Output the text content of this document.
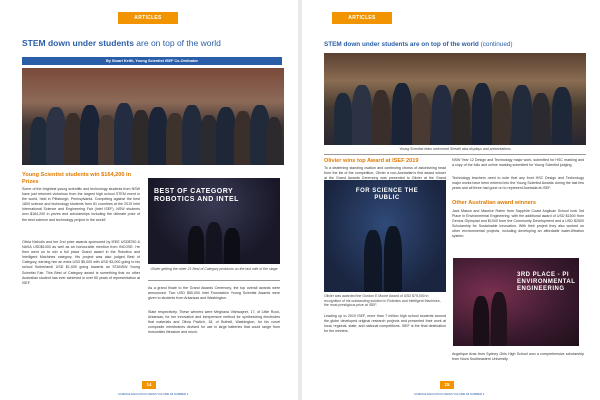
ARTICLES
STEM down under students are on top of the world
By Stuart Keith, Young Scientist ISEF Co-Ordinator
Young Scientist students win $164,200 in Prizes
Some of the brightest young scientific and technology students from NSW have just returned victorious from the largest high school STEM event in the world, held in Pittsburgh, Pennsylvania. Competing against the best 1800 science and technology students from 81 countries at the 2019 Intel International Science and Engineering Fair (Intel ISEF), NSW students won $164,200 in prizes and scholarships including the ultimate prize of the best science and technology project in the world!
Olivia Nicholls and her 2nd prize awards sponsored by IEEE USD$750 & NASA USD$1000 as well as an honourable mention from INCOSE. He then went on to win a full place Grand award in the Robotics and Intelligent Machines category. His project was also judged Best of Category, earning him an extra USD $5,000 with USD $3,000 going to his school Sutherland! USD $1,000 going towards an STANSW Young Scientist Fair. This Best of Category award is something that no other Australian student has ever achieved in over 60 years of representation at ISEF.
BEST OF CATEGORY ROBOTICS AND INTEL
Olivier getting the other 21 Best of Category protocols on the last mile of the stage
As a grand finale to the Grand Awards Ceremony, the top overall awards were announced. Two USD $50,000 Intel Foundation Young Scientist Awards were given to students from Arkansas and Washington.
State respectively. These winners were Meghana Vishwajeet, 17, of Little Rock, Arkansas, for her innovative and inexpensive method for synthesizing electrodes that materials and Olivia Pavlich, 18, of Bothell, Washington, for his novel composite membranes devised for use in large batteries that could range from immunities literature and much.
14
SCIENCE EDUCATION NEWS VOLUME 68 NUMBER 2
ARTICLES
STEM down under students are on top of the world (continued)
Young Scientist team welcomed Sheath alas displays and presentations
Olivier wins top Award at ISEF 2019
To a deafening standing ovation and continuing chorus of astonishing head from the list of the competition, Olivier a non-Australian's first award winner at the Grand Awards Ceremony was presented to Olivier at the Grand
FOR SCIENCE THE PUBLIC
Olivier was awarded the Gordon E Moore Award of USD $75,000 in recognition of his outstanding solution in Robotics and Intelligent Machines, the most prestigious prize at ISEF.
Leading up to 2019 ISEF, more than 7 million high school students around the globe developed original research projects and presented their work at local, regional, state, and national competitions. ISEF is the final destination for the winners.
NSW Year 12 Design and Technology major work, submitted for HSC marking and a copy of the folio and online marking submitted for Young Scientist judging.
Technology teachers need to note that any front HSC Design and Technology major works have been entered into the Young Scientist Awards during the last few years and all three had gone on to represent Australia at ISEF.
Other Australian award winners
Jack Mason and Maurice Rahm from Sapphire Coast Anglican School took 3rd Place in Environmental Engineering, with the additional award of USD $1500 from Genius Olympiad and $1000 from the Community Development and a USD $2500 Scholarship for Sustainable Innovation. With their project they also worked on other environmental projects, including developing an affordable water-filtration system.
3RD PLACE - PI ENVIRONMENTAL ENGINEERING
Angelique Aras from Sydney Girls High School won a comprehensive scholarship from Nova Southeastern University.
15
SCIENCE EDUCATION NEWS VOLUME 68 NUMBER 2
